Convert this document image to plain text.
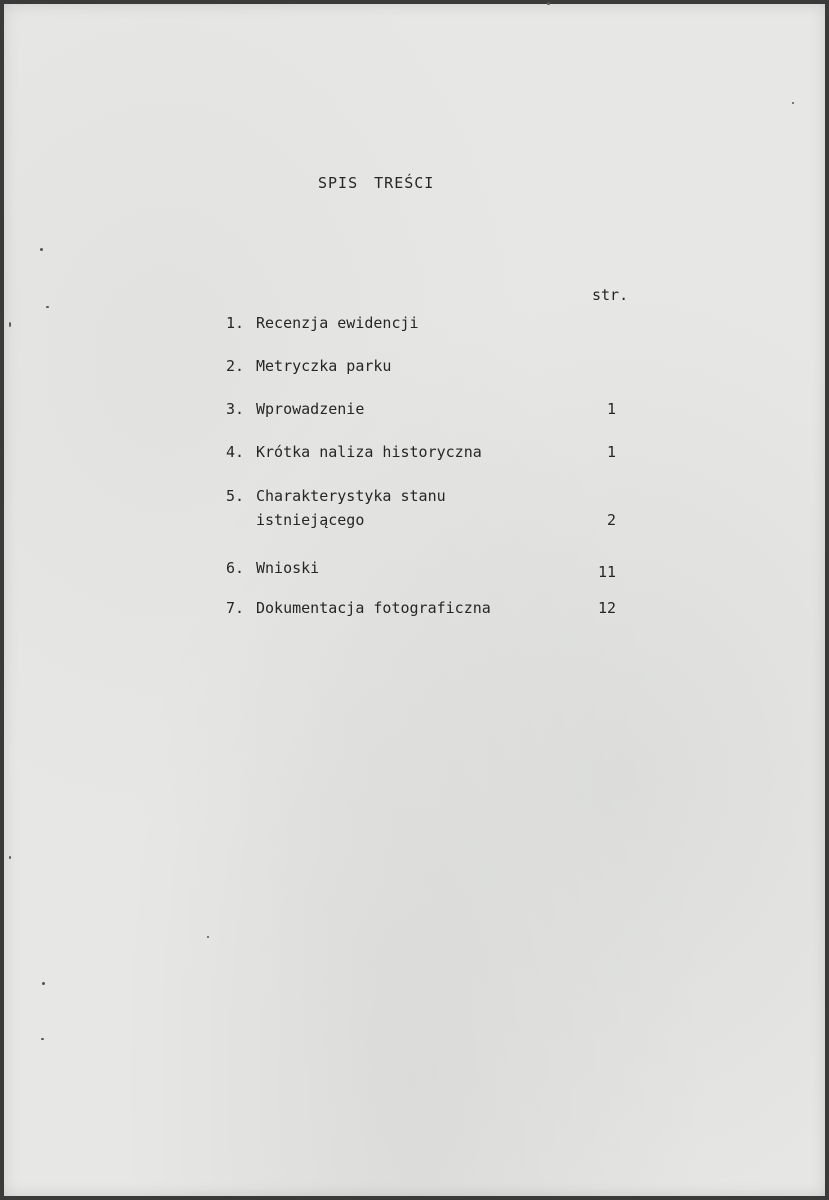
SPIS TREŚCI
str.
1. Recenzja ewidencji
2. Metryczka parku
3. Wprowadzenie	1
4. Krótka naliza historyczna	1
5. Charakterystyka stanu
istniejącego	2
6. Wnioski	11
7. Dokumentacja fotograficzna	12
